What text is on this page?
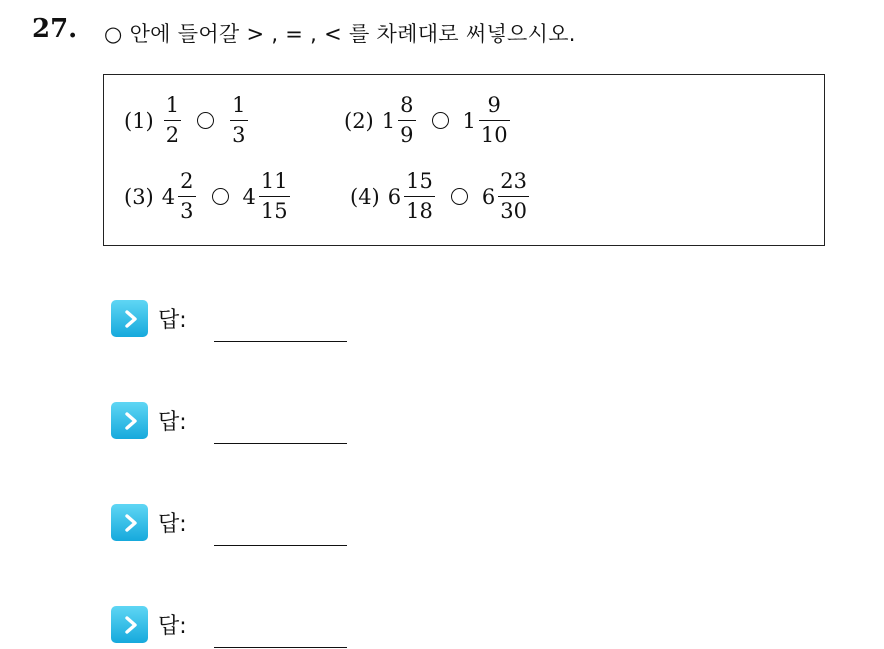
27. ○ 안에 들어갈 > , = , < 를 차례대로 써넣으시오.
$(1) \frac{1}{2} \frac{1}{3}$	(2) $1 \frac{8}{9} 1 \frac{9}{10}$
(3) $4 \frac{2}{3} 4 \frac{11}{15}$	(4) $6 \frac{15}{18} 6 \frac{23}{30}$
답:
답:
답:
답:
